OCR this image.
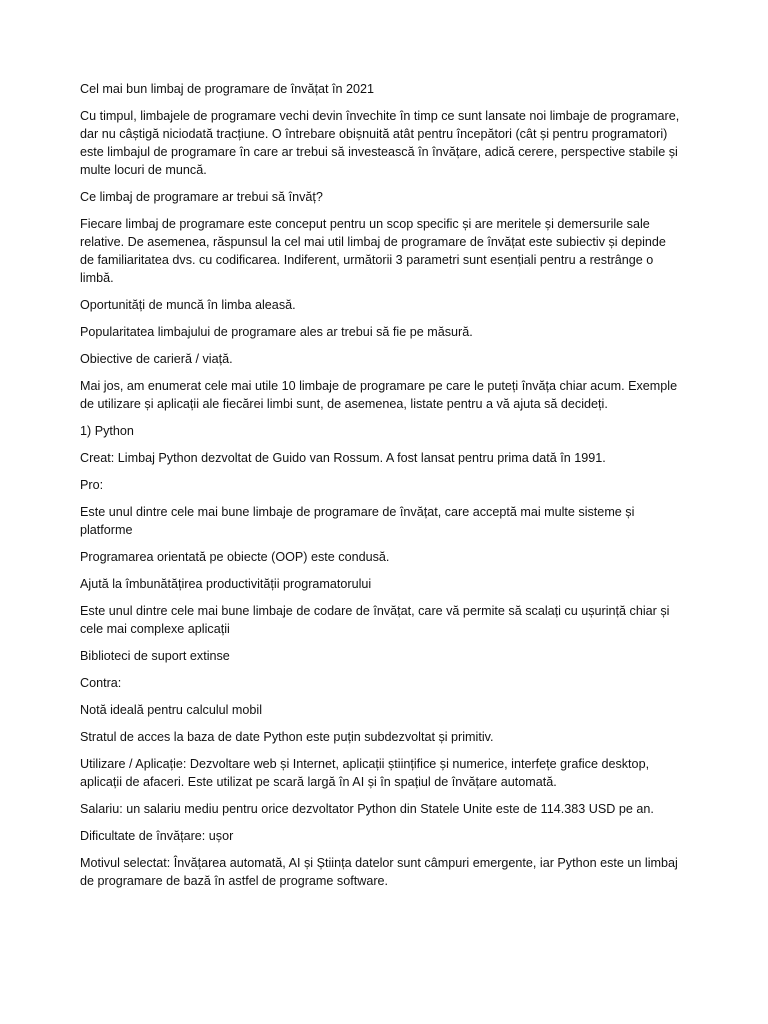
Cel mai bun limbaj de programare de învățat în 2021

Cu timpul, limbajele de programare vechi devin învechite în timp ce sunt lansate noi limbaje de programare, dar nu câștigă niciodată tracțiune. O întrebare obișnuită atât pentru începători (cât și pentru programatori) este limbajul de programare în care ar trebui să investească în învățare, adică cerere, perspective stabile și multe locuri de muncă.

Ce limbaj de programare ar trebui să învăț?

Fiecare limbaj de programare este conceput pentru un scop specific și are meritele și demersurile sale relative. De asemenea, răspunsul la cel mai util limbaj de programare de învățat este subiectiv și depinde de familiaritatea dvs. cu codificarea. Indiferent, următorii 3 parametri sunt esențiali pentru a restrânge o limbă.

Oportunități de muncă în limba aleasă.

Popularitatea limbajului de programare ales ar trebui să fie pe măsură.

Obiective de carieră / viață.

Mai jos, am enumerat cele mai utile 10 limbaje de programare pe care le puteți învăța chiar acum. Exemple de utilizare și aplicații ale fiecărei limbi sunt, de asemenea, listate pentru a vă ajuta să decideți.

1) Python

Creat: Limbaj Python dezvoltat de Guido van Rossum. A fost lansat pentru prima dată în 1991.

Pro:

Este unul dintre cele mai bune limbaje de programare de învățat, care acceptă mai multe sisteme și platforme

Programarea orientată pe obiecte (OOP) este condusă.

Ajută la îmbunătățirea productivității programatorului

Este unul dintre cele mai bune limbaje de codare de învățat, care vă permite să scalați cu ușurință chiar și cele mai complexe aplicații

Biblioteci de suport extinse

Contra:

Notă ideală pentru calculul mobil

Stratul de acces la baza de date Python este puțin subdezvoltat și primitiv.

Utilizare / Aplicație: Dezvoltare web și Internet, aplicații științifice și numerice, interfețe grafice desktop, aplicații de afaceri. Este utilizat pe scară largă în AI și în spațiul de învățare automată.

Salariu: un salariu mediu pentru orice dezvoltator Python din Statele Unite este de 114.383 USD pe an.

Dificultate de învățare: ușor

Motivul selectat: Învățarea automată, AI și Știința datelor sunt câmpuri emergente, iar Python este un limbaj de programare de bază în astfel de programe software.
